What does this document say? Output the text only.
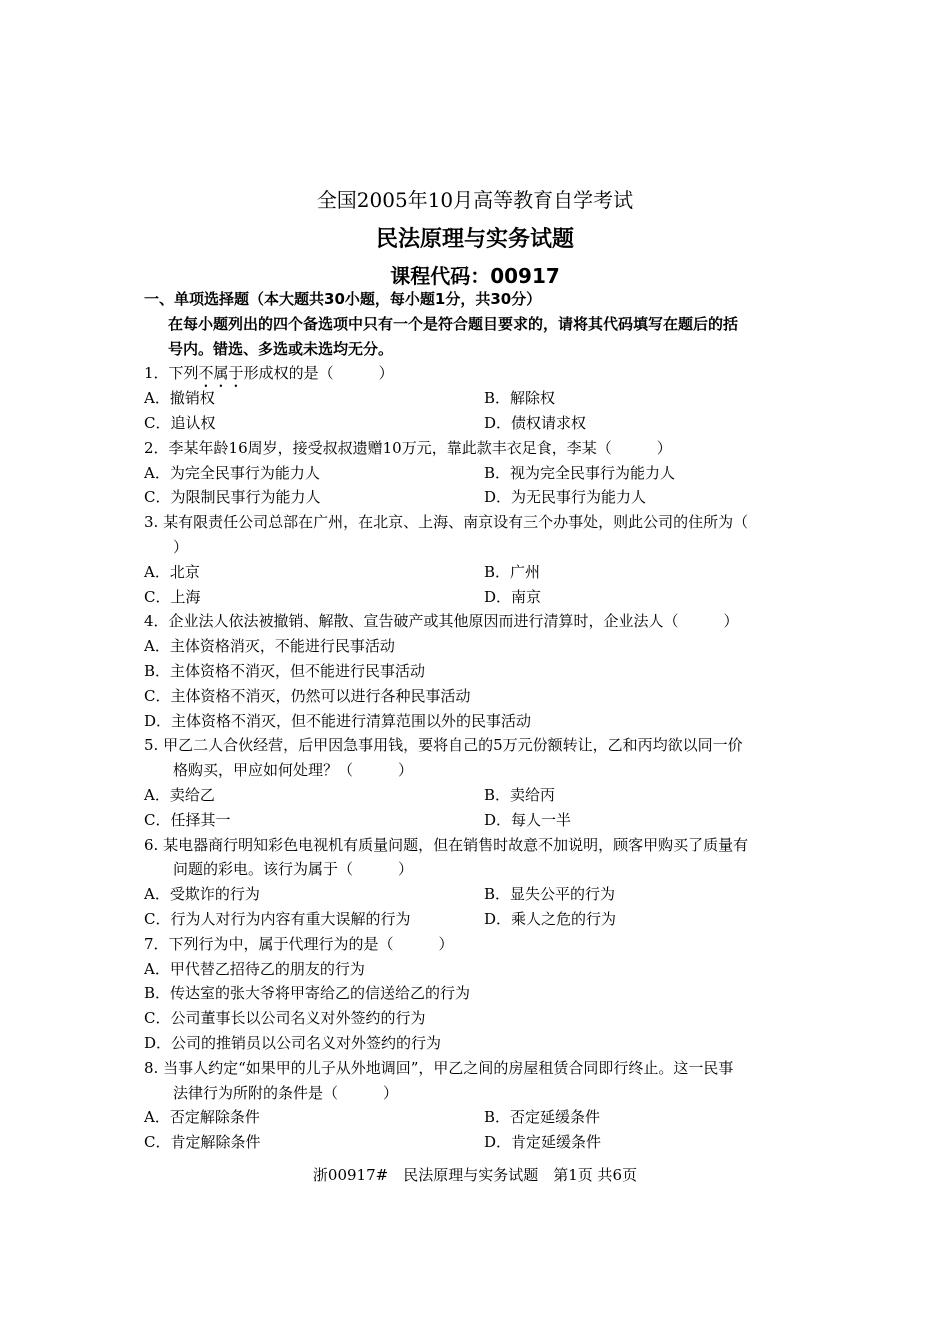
全国2005年10月高等教育自学考试
民法原理与实务试题
课程代码：00917
一、单项选择题（本大题共30小题，每小题1分，共30分）
在每小题列出的四个备选项中只有一个是符合题目要求的，请将其代码填写在题后的括
号内。错选、多选或未选均无分。
1．下列不属于形成权的是（　　　）
A．撤销权	B．解除权
C．追认权	D．债权请求权
2．李某年龄16周岁，接受叔叔遗赠10万元，靠此款丰衣足食，李某（　　　）
A．为完全民事行为能力人	B．视为完全民事行为能力人
C．为限制民事行为能力人	D．为无民事行为能力人
3. 某有限责任公司总部在广州，在北京、上海、南京设有三个办事处，则此公司的住所为（
）
A．北京	B．广州
C．上海	D．南京
4．企业法人依法被撤销、解散、宣告破产或其他原因而进行清算时，企业法人（　　　）
A．主体资格消灭，不能进行民事活动
B．主体资格不消灭，但不能进行民事活动
C．主体资格不消灭，仍然可以进行各种民事活动
D．主体资格不消灭，但不能进行清算范围以外的民事活动
5. 甲乙二人合伙经营，后甲因急事用钱，要将自己的5万元份额转让，乙和丙均欲以同一价
格购买，甲应如何处理？（　　　）
A．卖给乙	B．卖给丙
C．任择其一	D．每人一半
6. 某电器商行明知彩色电视机有质量问题，但在销售时故意不加说明，顾客甲购买了质量有
问题的彩电。该行为属于（　　　）
A．受欺诈的行为	B．显失公平的行为
C．行为人对行为内容有重大误解的行为	D．乘人之危的行为
7．下列行为中，属于代理行为的是（　　　）
A．甲代替乙招待乙的朋友的行为
B．传达室的张大爷将甲寄给乙的信送给乙的行为
C．公司董事长以公司名义对外签约的行为
D．公司的推销员以公司名义对外签约的行为
8. 当事人约定“如果甲的儿子从外地调回”，甲乙之间的房屋租赁合同即行终止。这一民事
法律行为所附的条件是（　　　）
A．否定解除条件	B．否定延缓条件
C．肯定解除条件	D．肯定延缓条件
浙00917#　民法原理与实务试题　第1页 共6页
